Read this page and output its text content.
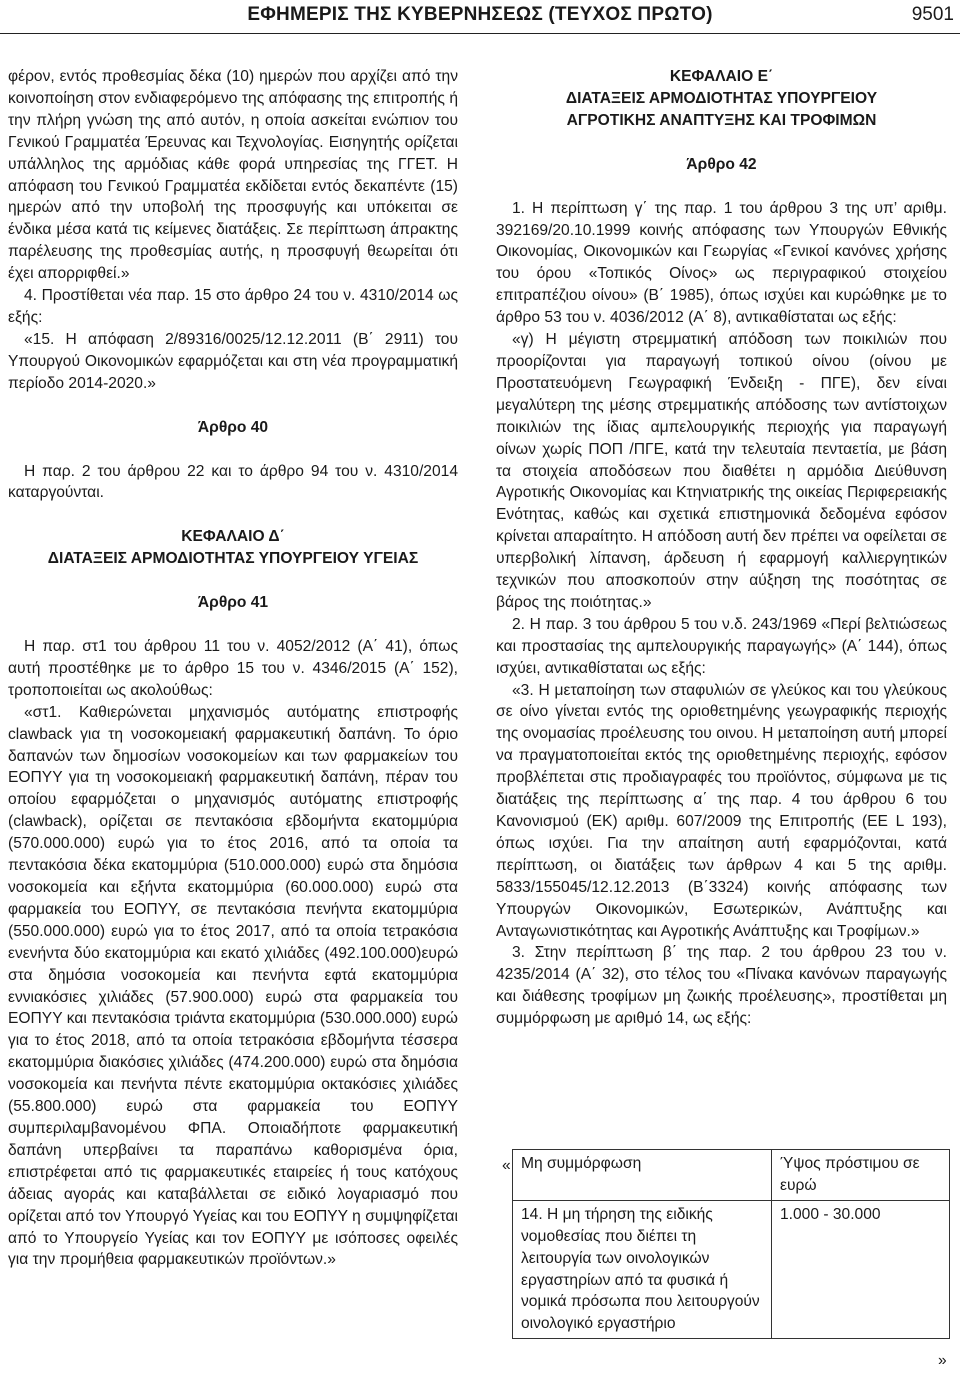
ΕΦΗΜΕΡΙΣ ΤΗΣ ΚΥΒΕΡΝΗΣΕΩΣ (ΤΕΥΧΟΣ ΠΡΩΤΟ)	9501

φέρον, εντός προθεσμίας δέκα (10) ημερών που αρχίζει από την κοινοποίηση στον ενδιαφερόμενο της απόφασης της επιτροπής ή την πλήρη γνώση της από αυτόν, η οποία ασκείται ενώπιον του Γενικού Γραμματέα Έρευνας και Τεχνολογίας. Εισηγητής ορίζεται υπάλληλος της αρμόδιας κάθε φορά υπηρεσίας της ΓΓΕΤ. Η απόφαση του Γενικού Γραμματέα εκδίδεται εντός δεκαπέντε (15) ημερών από την υποβολή της προσφυγής και υπόκειται σε ένδικα μέσα κατά τις κείμενες διατάξεις. Σε περίπτωση άπρακτης παρέλευσης της προθεσμίας αυτής, η προσφυγή θεωρείται ότι έχει απορριφθεί.»

4. Προστίθεται νέα παρ. 15 στο άρθρο 24 του ν. 4310/2014 ως εξής:

«15. Η απόφαση 2/89316/0025/12.12.2011 (Β΄ 2911) του Υπουργού Οικονομικών εφαρμόζεται και στη νέα προγραμματική περίοδο 2014-2020.»

Άρθρο 40

Η παρ. 2 του άρθρου 22 και το άρθρο 94 του ν. 4310/2014 καταργούνται.

ΚΕΦΑΛΑΙΟ Δ΄
ΔΙΑΤΑΞΕΙΣ ΑΡΜΟΔΙΟΤΗΤΑΣ ΥΠΟΥΡΓΕΙΟΥ ΥΓΕΙΑΣ
Άρθρο 41

Η παρ. στ1 του άρθρου 11 του ν. 4052/2012 (Α΄ 41), όπως αυτή προστέθηκε με το άρθρο 15 του ν. 4346/2015 (Α΄ 152), τροποποιείται ως ακολούθως:

«στ1. Καθιερώνεται μηχανισμός αυτόματης επιστροφής clawback για τη νοσοκομειακή φαρμακευτική δαπάνη. Το όριο δαπανών των δημοσίων νοσοκομείων και των φαρμακείων του ΕΟΠΥΥ για τη νοσοκομειακή φαρμακευτική δαπάνη, πέραν του οποίου εφαρμόζεται ο μηχανισμός αυτόματης επιστροφής (clawback), ορίζεται σε πεντακόσια εβδομήντα εκατομμύρια (570.000.000) ευρώ για το έτος 2016, από τα οποία τα πεντακόσια δέκα εκατομμύρια (510.000.000) ευρώ στα δημόσια νοσοκομεία και εξήντα εκατομμύρια (60.000.000) ευρώ στα φαρμακεία του ΕΟΠΥΥ, σε πεντακόσια πενήντα εκατομμύρια (550.000.000) ευρώ για το έτος 2017, από τα οποία τετρακόσια ενενήντα δύο εκατομμύρια και εκατό χιλιάδες (492.100.000)ευρώ στα δημόσια νοσοκομεία και πενήντα εφτά εκατομμύρια εννιακόσιες χιλιάδες (57.900.000) ευρώ στα φαρμακεία του ΕΟΠΥΥ και πεντακόσια τριάντα εκατομμύρια (530.000.000) ευρώ για το έτος 2018, από τα οποία τετρακόσια εβδομήντα τέσσερα εκατομμύρια διακόσιες χιλιάδες (474.200.000) ευρώ στα δημόσια νοσοκομεία και πενήντα πέντε εκατομμύρια οκτακόσιες χιλιάδες (55.800.000) ευρώ στα φαρμακεία του ΕΟΠΥΥ συμπεριλαμβανομένου ΦΠΑ. Οποιαδήποτε φαρμακευτική δαπάνη υπερβαίνει τα παραπάνω καθορισμένα όρια, επιστρέφεται από τις φαρμακευτικές εταιρείες ή τους κατόχους άδειας αγοράς και καταβάλλεται σε ειδικό λογαριασμό που ορίζεται από τον Υπουργό Υγείας και του ΕΟΠΥΥ η συμψηφίζεται από το Υπουργείο Υγείας και τον ΕΟΠΥΥ με ισόποσες οφειλές για την προμήθεια φαρμακευτικών προϊόντων.»

ΚΕΦΑΛΑΙΟ Ε΄
ΔΙΑΤΑΞΕΙΣ ΑΡΜΟΔΙΟΤΗΤΑΣ ΥΠΟΥΡΓΕΙΟΥ
ΑΓΡΟΤΙΚΗΣ ΑΝΑΠΤΥΞΗΣ ΚΑΙ ΤΡΟΦΙΜΩΝ
Άρθρο 42

1. Η περίπτωση γ΄ της παρ. 1 του άρθρου 3 της υπ’ αριθμ. 392169/20.10.1999 κοινής απόφασης των Υπουργών Εθνικής Οικονομίας, Οικονομικών και Γεωργίας «Γενικοί κανόνες χρήσης του όρου «Τοπικός Οίνος» ως περιγραφικού στοιχείου επιτραπέζιου οίνου» (Β΄ 1985), όπως ισχύει και κυρώθηκε με το άρθρο 53 του ν. 4036/2012 (Α΄ 8), αντικαθίσταται ως εξής:

«γ) Η μέγιστη στρεμματική απόδοση των ποικιλιών που προορίζονται για παραγωγή τοπικού οίνου (οίνου με Προστατευόμενη Γεωγραφική Ένδειξη - ΠΓΕ), δεν είναι μεγαλύτερη της μέσης στρεμματικής απόδοσης των αντίστοιχων ποικιλιών της ίδιας αμπελουργικής περιοχής για παραγωγή οίνων χωρίς ΠΟΠ /ΠΓΕ, κατά την τελευταία πενταετία, με βάση τα στοιχεία αποδόσεων που διαθέτει η αρμόδια Διεύθυνση Αγροτικής Οικονομίας και Κτηνιατρικής της οικείας Περιφερειακής Ενότητας, καθώς και σχετικά επιστημονικά δεδομένα εφόσον κρίνεται απαραίτητο. Η απόδοση αυτή δεν πρέπει να οφείλεται σε υπερβολική λίπανση, άρδευση ή εφαρμογή καλλιεργητικών τεχνικών που αποσκοπούν στην αύξηση της ποσότητας σε βάρος της ποιότητας.»

2. Η παρ. 3 του άρθρου 5 του ν.δ. 243/1969 «Περί βελτιώσεως και προστασίας της αμπελουργικής παραγωγής» (Α΄ 144), όπως ισχύει, αντικαθίσταται ως εξής:

«3. Η μεταποίηση των σταφυλιών σε γλεύκος και του γλεύκους σε οίνο γίνεται εντός της οριοθετημένης γεωγραφικής περιοχής της ονομασίας προέλευσης του οινου. Η μεταποίηση αυτή μπορεί να πραγματοποιείται εκτός της οριοθετημένης περιοχής, εφόσον προβλέπεται στις προδιαγραφές του προϊόντος, σύμφωνα με τις διατάξεις της περίπτωσης α΄ της παρ. 4 του άρθρου 6 του Κανονισμού (ΕΚ) αριθμ. 607/2009 της Επιτροπής (ΕΕ L 193), όπως ισχύει. Για την απαίτηση αυτή εφαρμόζονται, κατά περίπτωση, οι διατάξεις των άρθρων 4 και 5 της αριθμ. 5833/155045/12.12.2013 (Β΄3324) κοινής απόφασης των Υπουργών Οικονομικών, Εσωτερικών, Ανάπτυξης και Ανταγωνιστικότητας και Αγροτικής Ανάπτυξης και Τροφίμων.»

3. Στην περίπτωση β΄ της παρ. 2 του άρθρου 23 του ν. 4235/2014 (Α΄ 32), στο τέλος του «Πίνακα κανόνων παραγωγής και διάθεσης τροφίμων μη ζωικής προέλευσης», προστίθεται μη συμμόρφωση με αριθμό 14, ως εξής:

« Μη συμμόρφωση	Ύψος πρόστιμου σε ευρώ
14. Η μη τήρηση της ειδικής νομοθεσίας που διέπει τη λειτουργία των οινολογικών εργαστηρίων από τα φυσικά ή νομικά πρόσωπα που λειτουργούν οινολογικό εργαστήριο	1.000 - 30.000
»
